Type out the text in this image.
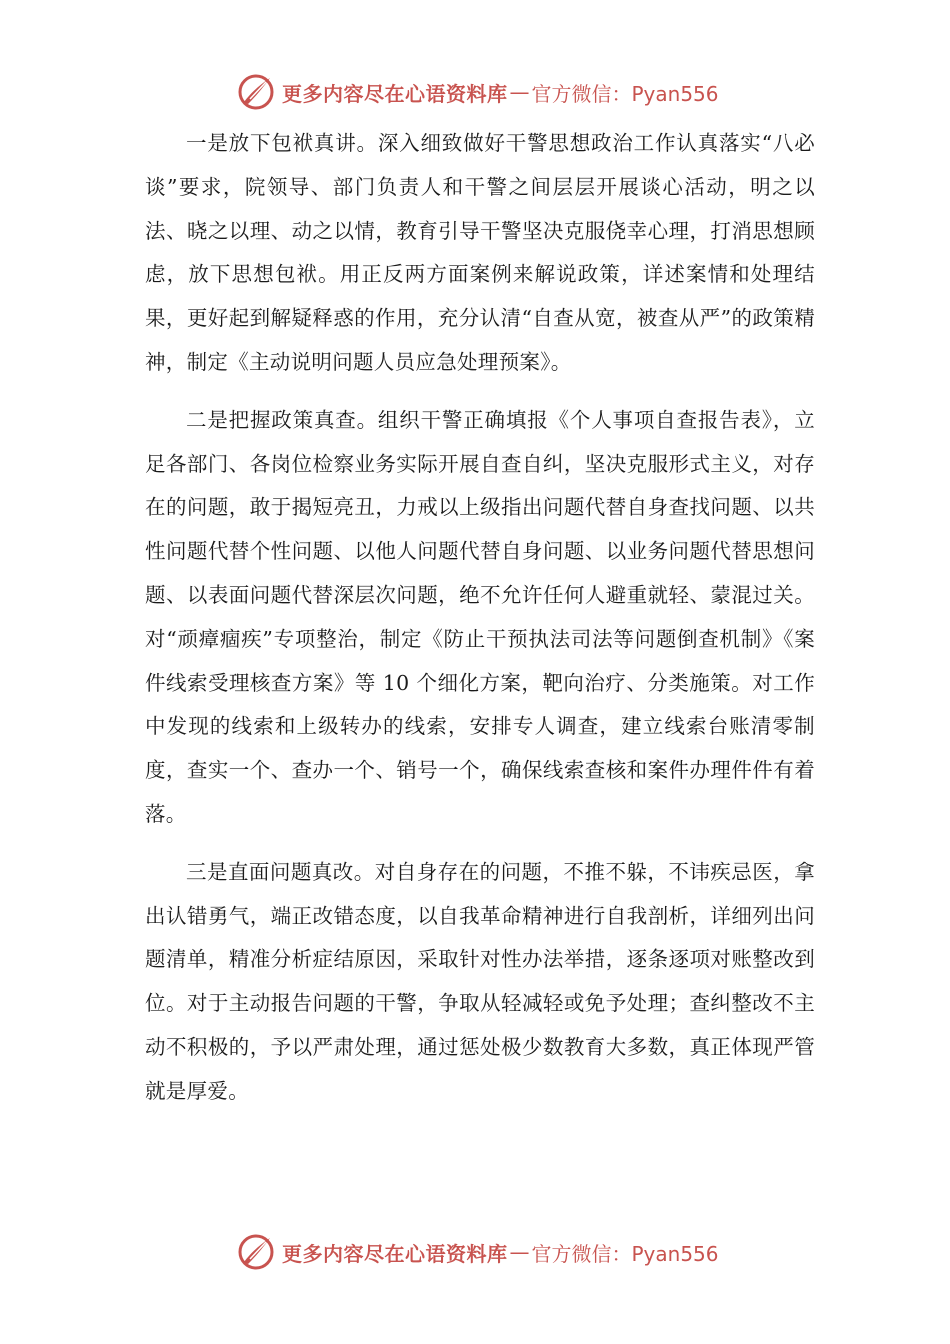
更多内容尽在心语资料库 — 官方微信：Pyan556

一是放下包袱真讲。深入细致做好干警思想政治工作认真落实“八必谈”要求，院领导、部门负责人和干警之间层层开展谈心活动，明之以法、晓之以理、动之以情，教育引导干警坚决克服侥幸心理，打消思想顾虑，放下思想包袱。用正反两方面案例来解说政策，详述案情和处理结果，更好起到解疑释惑的作用，充分认清“自查从宽，被查从严”的政策精神，制定《主动说明问题人员应急处理预案》。

二是把握政策真查。组织干警正确填报《个人事项自查报告表》，立足各部门、各岗位检察业务实际开展自查自纠，坚决克服形式主义，对存在的问题，敢于揭短亮丑，力戒以上级指出问题代替自身查找问题、以共性问题代替个性问题、以他人问题代替自身问题、以业务问题代替思想问题、以表面问题代替深层次问题，绝不允许任何人避重就轻、蒙混过关。对“顽瘴痼疾”专项整治，制定《防止干预执法司法等问题倒查机制》《案件线索受理核查方案》等 10 个细化方案，靶向治疗、分类施策。对工作中发现的线索和上级转办的线索，安排专人调查，建立线索台账清零制度，查实一个、查办一个、销号一个，确保线索查核和案件办理件件有着落。

三是直面问题真改。对自身存在的问题，不推不躲，不讳疾忌医，拿出认错勇气，端正改错态度，以自我革命精神进行自我剖析，详细列出问题清单，精准分析症结原因，采取针对性办法举措，逐条逐项对账整改到位。对于主动报告问题的干警，争取从轻减轻或免予处理；查纠整改不主动不积极的，予以严肃处理，通过惩处极少数教育大多数，真正体现严管就是厚爱。

更多内容尽在心语资料库 — 官方微信：Pyan556
